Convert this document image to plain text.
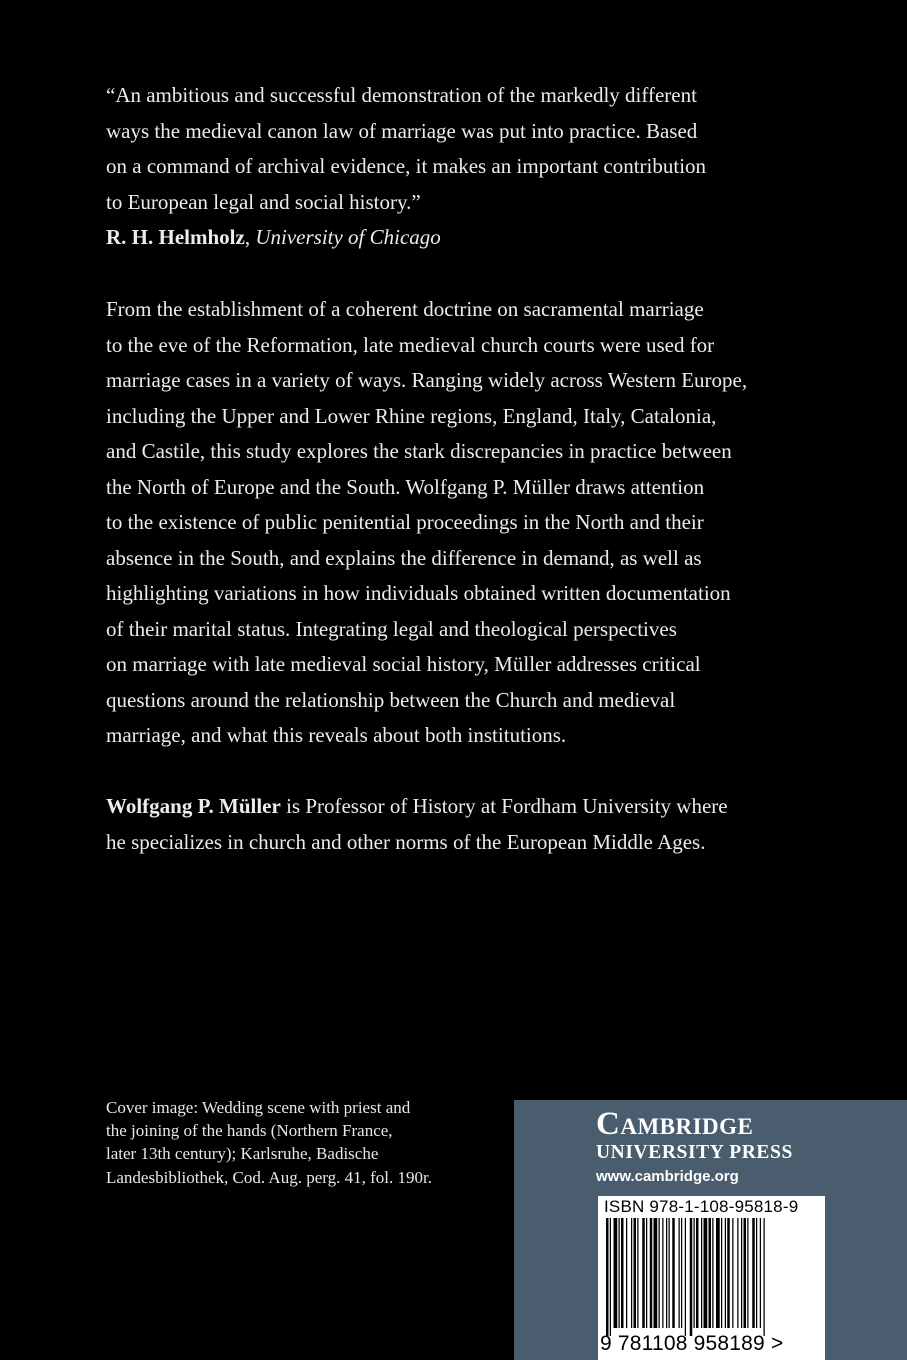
“An ambitious and successful demonstration of the markedly different
ways the medieval canon law of marriage was put into practice. Based
on a command of archival evidence, it makes an important contribution
to European legal and social history.”
R. H. Helmholz, University of Chicago
From the establishment of a coherent doctrine on sacramental marriage
to the eve of the Reformation, late medieval church courts were used for
marriage cases in a variety of ways. Ranging widely across Western Europe,
including the Upper and Lower Rhine regions, England, Italy, Catalonia,
and Castile, this study explores the stark discrepancies in practice between
the North of Europe and the South. Wolfgang P. Müller draws attention
to the existence of public penitential proceedings in the North and their
absence in the South, and explains the difference in demand, as well as
highlighting variations in how individuals obtained written documentation
of their marital status. Integrating legal and theological perspectives
on marriage with late medieval social history, Müller addresses critical
questions around the relationship between the Church and medieval
marriage, and what this reveals about both institutions.
Wolfgang P. Müller is Professor of History at Fordham University where
he specializes in church and other norms of the European Middle Ages.
Cover image: Wedding scene with priest and
the joining of the hands (Northern France,
later 13th century); Karlsruhe, Badische
Landesbibliothek, Cod. Aug. perg. 41, fol. 190r.
Cambridge
UNIVERSITY PRESS
www.cambridge.org
ISBN 978-1-108-95818-9
9 781108 958189 >
